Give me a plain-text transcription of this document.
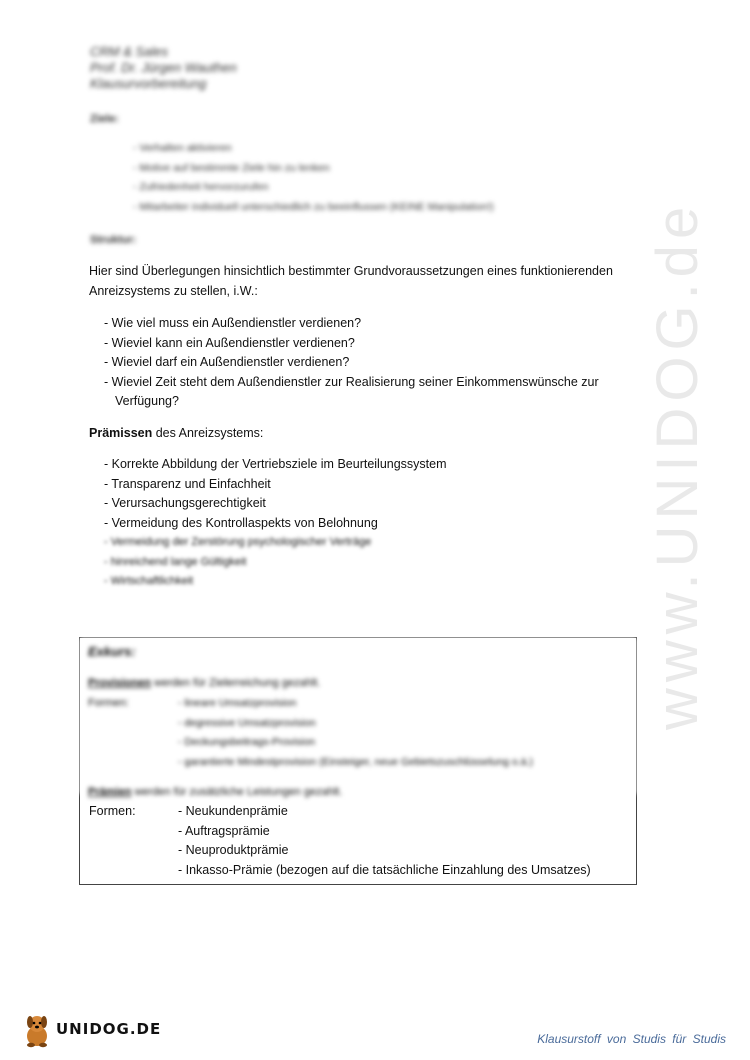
www.UNIDOG.de
CRM & Sales
Prof. Dr. Jürgen Wauthen
Klausurvorbereitung
Ziele:
- Verhalten aktivieren
- Motive auf bestimmte Ziele hin zu lenken
- Zufriedenheit hervorzurufen
- Mitarbeiter individuell unterschiedlich zu beeinflussen (KEINE Manipulation!)
Struktur:
Hier sind Überlegungen hinsichtlich bestimmter Grundvoraussetzungen eines funktionierenden Anreizsystems zu stellen, i.W.:
- Wie viel muss ein Außendienstler verdienen?
- Wieviel kann ein Außendienstler verdienen?
- Wieviel darf ein Außendienstler verdienen?
- Wieviel Zeit steht dem Außendienstler zur Realisierung seiner Einkommenswünsche zur Verfügung?
Prämissen des Anreizsystems:
- Korrekte Abbildung der Vertriebsziele im Beurteilungssystem
- Transparenz und Einfachheit
- Verursachungsgerechtigkeit
- Vermeidung des Kontrollaspekts von Belohnung
- Vermeidung der Zerstörung psychologischer Verträge
- hinreichend lange Gültigkeit
- Wirtschaftlichkeit
Formen:	- Neukundenprämie
- Auftragsprämie
- Neuproduktprämie
- Inkasso-Prämie (bezogen auf die tatsächliche Einzahlung des Umsatzes)
Exkurs:
Provisionen werden für Zielerreichung gezahlt.
Formen:	- lineare Umsatzprovision
- degressive Umsatzprovision
- Deckungsbeitrags-Provision
- garantierte Mindestprovision (Einsteiger, neue Gebietszuschlüsselung o.ä.)
Prämien werden für zusätzliche Leistungen gezahlt.
UNIDOG.DE
Klausurstoff von Studis für Studis
